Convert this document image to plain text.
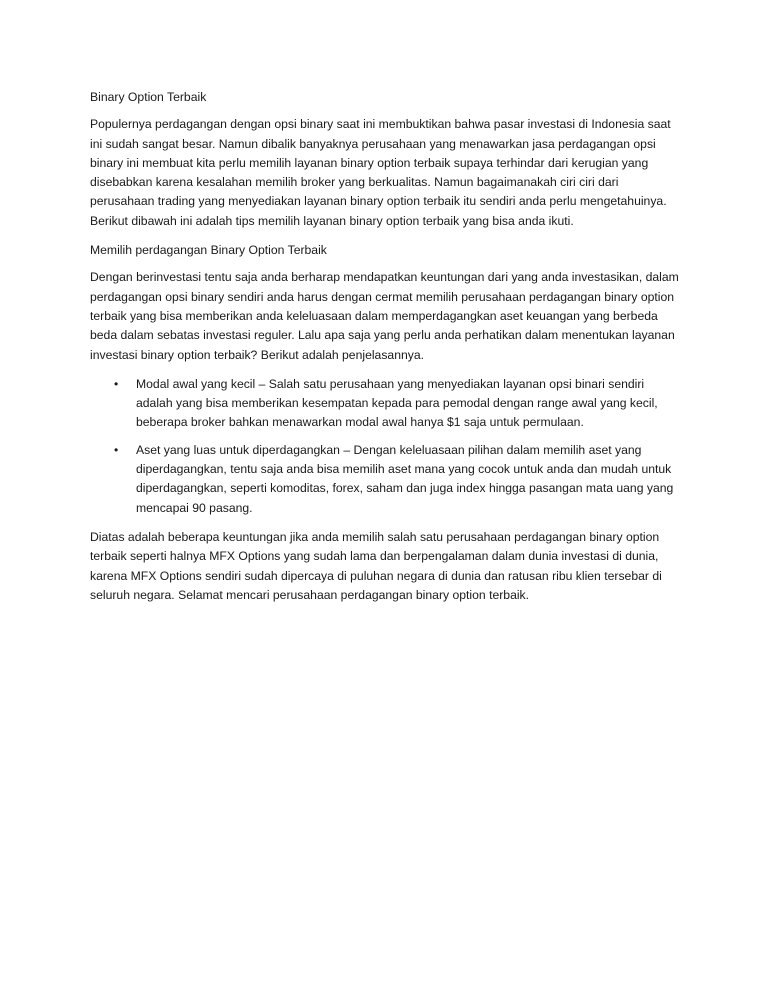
Binary Option Terbaik

Populernya perdagangan dengan opsi binary saat ini membuktikan bahwa pasar investasi di Indonesia saat ini sudah sangat besar. Namun dibalik banyaknya perusahaan yang menawarkan jasa perdagangan opsi binary ini membuat kita perlu memilih layanan binary option terbaik supaya terhindar dari kerugian yang disebabkan karena kesalahan memilih broker yang berkualitas. Namun bagaimanakah ciri ciri dari perusahaan trading yang menyediakan layanan binary option terbaik itu sendiri anda perlu mengetahuinya. Berikut dibawah ini adalah tips memilih layanan binary option terbaik yang bisa anda ikuti.

Memilih perdagangan Binary Option Terbaik

Dengan berinvestasi tentu saja anda berharap mendapatkan keuntungan dari yang anda investasikan, dalam perdagangan opsi binary sendiri anda harus dengan cermat memilih perusahaan perdagangan binary option terbaik yang bisa memberikan anda keleluasaan dalam memperdagangkan aset keuangan yang berbeda beda dalam sebatas investasi reguler. Lalu apa saja yang perlu anda perhatikan dalam menentukan layanan investasi binary option terbaik? Berikut adalah penjelasannya.

• Modal awal yang kecil – Salah satu perusahaan yang menyediakan layanan opsi binari sendiri adalah yang bisa memberikan kesempatan kepada para pemodal dengan range awal yang kecil, beberapa broker bahkan menawarkan modal awal hanya $1 saja untuk permulaan.
• Aset yang luas untuk diperdagangkan – Dengan keleluasaan pilihan dalam memilih aset yang diperdagangkan, tentu saja anda bisa memilih aset mana yang cocok untuk anda dan mudah untuk diperdagangkan, seperti komoditas, forex, saham dan juga index hingga pasangan mata uang yang mencapai 90 pasang.

Diatas adalah beberapa keuntungan jika anda memilih salah satu perusahaan perdagangan binary option terbaik seperti halnya MFX Options yang sudah lama dan berpengalaman dalam dunia investasi di dunia, karena MFX Options sendiri sudah dipercaya di puluhan negara di dunia dan ratusan ribu klien tersebar di seluruh negara. Selamat mencari perusahaan perdagangan binary option terbaik.
